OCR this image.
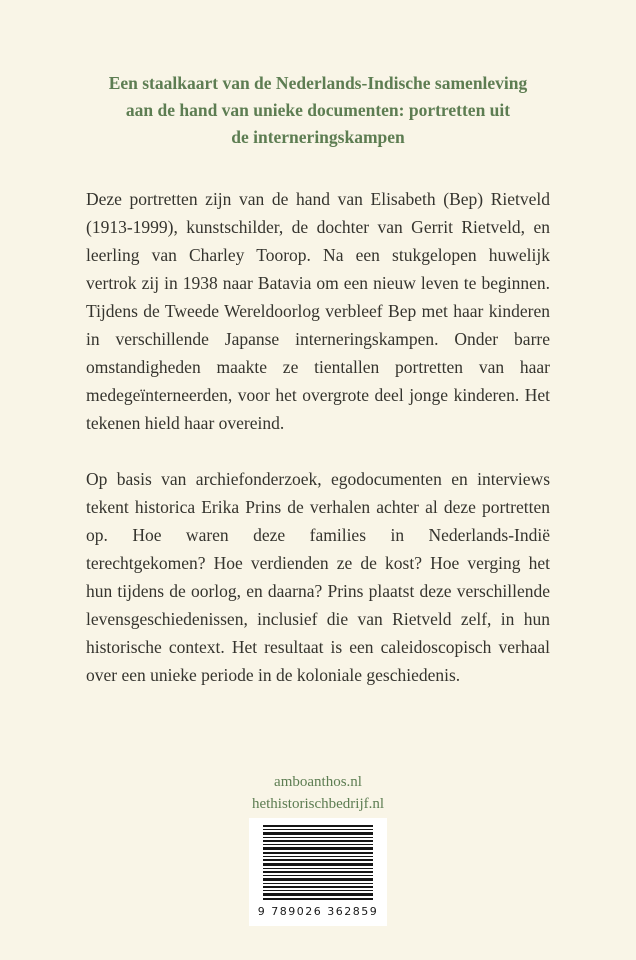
Een staalkaart van de Nederlands-Indische samenleving
aan de hand van unieke documenten: portretten uit
de interneringskampen

Deze portretten zijn van de hand van Elisabeth (Bep) Rietveld (1913-1999), kunstschilder, de dochter van Gerrit Rietveld, en leerling van Charley Toorop. Na een stukgelopen huwelijk vertrok zij in 1938 naar Batavia om een nieuw leven te beginnen. Tijdens de Tweede Wereldoorlog verbleef Bep met haar kinderen in verschillende Japanse interneringskampen. Onder barre omstandigheden maakte ze tientallen portretten van haar medegeïnterneerden, voor het overgrote deel jonge kinderen. Het tekenen hield haar overeind.

Op basis van archiefonderzoek, egodocumenten en interviews tekent historica Erika Prins de verhalen achter al deze portretten op. Hoe waren deze families in Nederlands-Indië terechtgekomen? Hoe verdienden ze de kost? Hoe verging het hun tijdens de oorlog, en daarna? Prins plaatst deze verschillende levensgeschiedenissen, inclusief die van Rietveld zelf, in hun historische context. Het resultaat is een caleidoscopisch verhaal over een unieke periode in de koloniale geschiedenis.

amboanthos.nl
hethistorischbedrijf.nl
9 789026 362859
